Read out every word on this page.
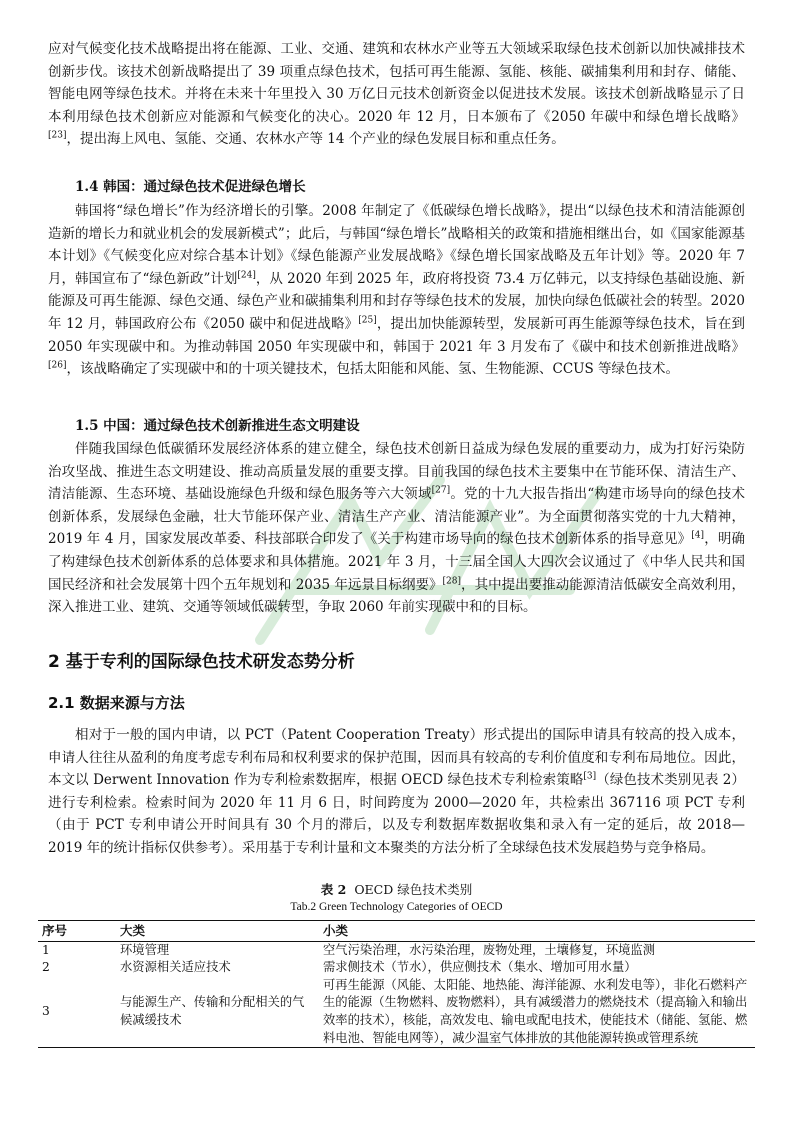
应对气候变化技术战略提出将在能源、工业、交通、建筑和农林水产业等五大领域采取绿色技术创新以加快减排技术创新步伐。该技术创新战略提出了 39 项重点绿色技术，包括可再生能源、氢能、核能、碳捕集利用和封存、储能、智能电网等绿色技术。并将在未来十年里投入 30 万亿日元技术创新资金以促进技术发展。该技术创新战略显示了日本利用绿色技术创新应对能源和气候变化的决心。2020 年 12 月，日本颁布了《2050 年碳中和绿色增长战略》[23]，提出海上风电、氢能、交通、农林水产等 14 个产业的绿色发展目标和重点任务。

1.4 韩国：通过绿色技术促进绿色增长

韩国将“绿色增长”作为经济增长的引擎。2008 年制定了《低碳绿色增长战略》，提出“以绿色技术和清洁能源创造新的增长力和就业机会的发展新模式”；此后，与韩国“绿色增长”战略相关的政策和措施相继出台，如《国家能源基本计划》《气候变化应对综合基本计划》《绿色能源产业发展战略》《绿色增长国家战略及五年计划》等。2020 年 7 月，韩国宣布了“绿色新政”计划[24]，从 2020 年到 2025 年，政府将投资 73.4 万亿韩元，以支持绿色基础设施、新能源及可再生能源、绿色交通、绿色产业和碳捕集利用和封存等绿色技术的发展，加快向绿色低碳社会的转型。2020 年 12 月，韩国政府公布《2050 碳中和促进战略》[25]，提出加快能源转型，发展新可再生能源等绿色技术，旨在到 2050 年实现碳中和。为推动韩国 2050 年实现碳中和，韩国于 2021 年 3 月发布了《碳中和技术创新推进战略》[26]，该战略确定了实现碳中和的十项关键技术，包括太阳能和风能、氢、生物能源、CCUS 等绿色技术。

1.5 中国：通过绿色技术创新推进生态文明建设

伴随我国绿色低碳循环发展经济体系的建立健全，绿色技术创新日益成为绿色发展的重要动力，成为打好污染防治攻坚战、推进生态文明建设、推动高质量发展的重要支撑。目前我国的绿色技术主要集中在节能环保、清洁生产、清洁能源、生态环境、基础设施绿色升级和绿色服务等六大领域[27]。党的十九大报告指出“构建市场导向的绿色技术创新体系，发展绿色金融，壮大节能环保产业、清洁生产产业、清洁能源产业”。为全面贯彻落实党的十九大精神，2019 年 4 月，国家发展改革委、科技部联合印发了《关于构建市场导向的绿色技术创新体系的指导意见》[4]，明确了构建绿色技术创新体系的总体要求和具体措施。2021 年 3 月，十三届全国人大四次会议通过了《中华人民共和国国民经济和社会发展第十四个五年规划和 2035 年远景目标纲要》[28]，其中提出要推动能源清洁低碳安全高效利用，深入推进工业、建筑、交通等领域低碳转型，争取 2060 年前实现碳中和的目标。

2 基于专利的国际绿色技术研发态势分析

2.1 数据来源与方法

相对于一般的国内申请，以 PCT（Patent Cooperation Treaty）形式提出的国际申请具有较高的投入成本，申请人往往从盈利的角度考虑专利布局和权利要求的保护范围，因而具有较高的专利价值度和专利布局地位。因此，本文以 Derwent Innovation 作为专利检索数据库，根据 OECD 绿色技术专利检索策略[3]（绿色技术类别见表 2）进行专利检索。检索时间为 2020 年 11 月 6 日，时间跨度为 2000—2020 年，共检索出 367116 项 PCT 专利（由于 PCT 专利申请公开时间具有 30 个月的滞后，以及专利数据库数据收集和录入有一定的延后，故 2018—2019 年的统计指标仅供参考）。采用基于专利计量和文本聚类的方法分析了全球绿色技术发展趋势与竞争格局。

表 2 OECD 绿色技术类别

Tab.2 Green Technology Categories of OECD

序号	大类	小类
1	环境管理	空气污染治理，水污染治理，废物处理，土壤修复，环境监测
2	水资源相关适应技术	需求侧技术（节水），供应侧技术（集水、增加可用水量）
3	与能源生产、传输和分配相关的气候减缓技术	可再生能源（风能、太阳能、地热能、海洋能源、水利发电等），非化石燃料产生的能源（生物燃料、废物燃料），具有减缓潜力的燃烧技术（提高输入和输出效率的技术），核能，高效发电、输电或配电技术，使能技术（储能、氢能、燃料电池、智能电网等），减少温室气体排放的其他能源转换或管理系统
